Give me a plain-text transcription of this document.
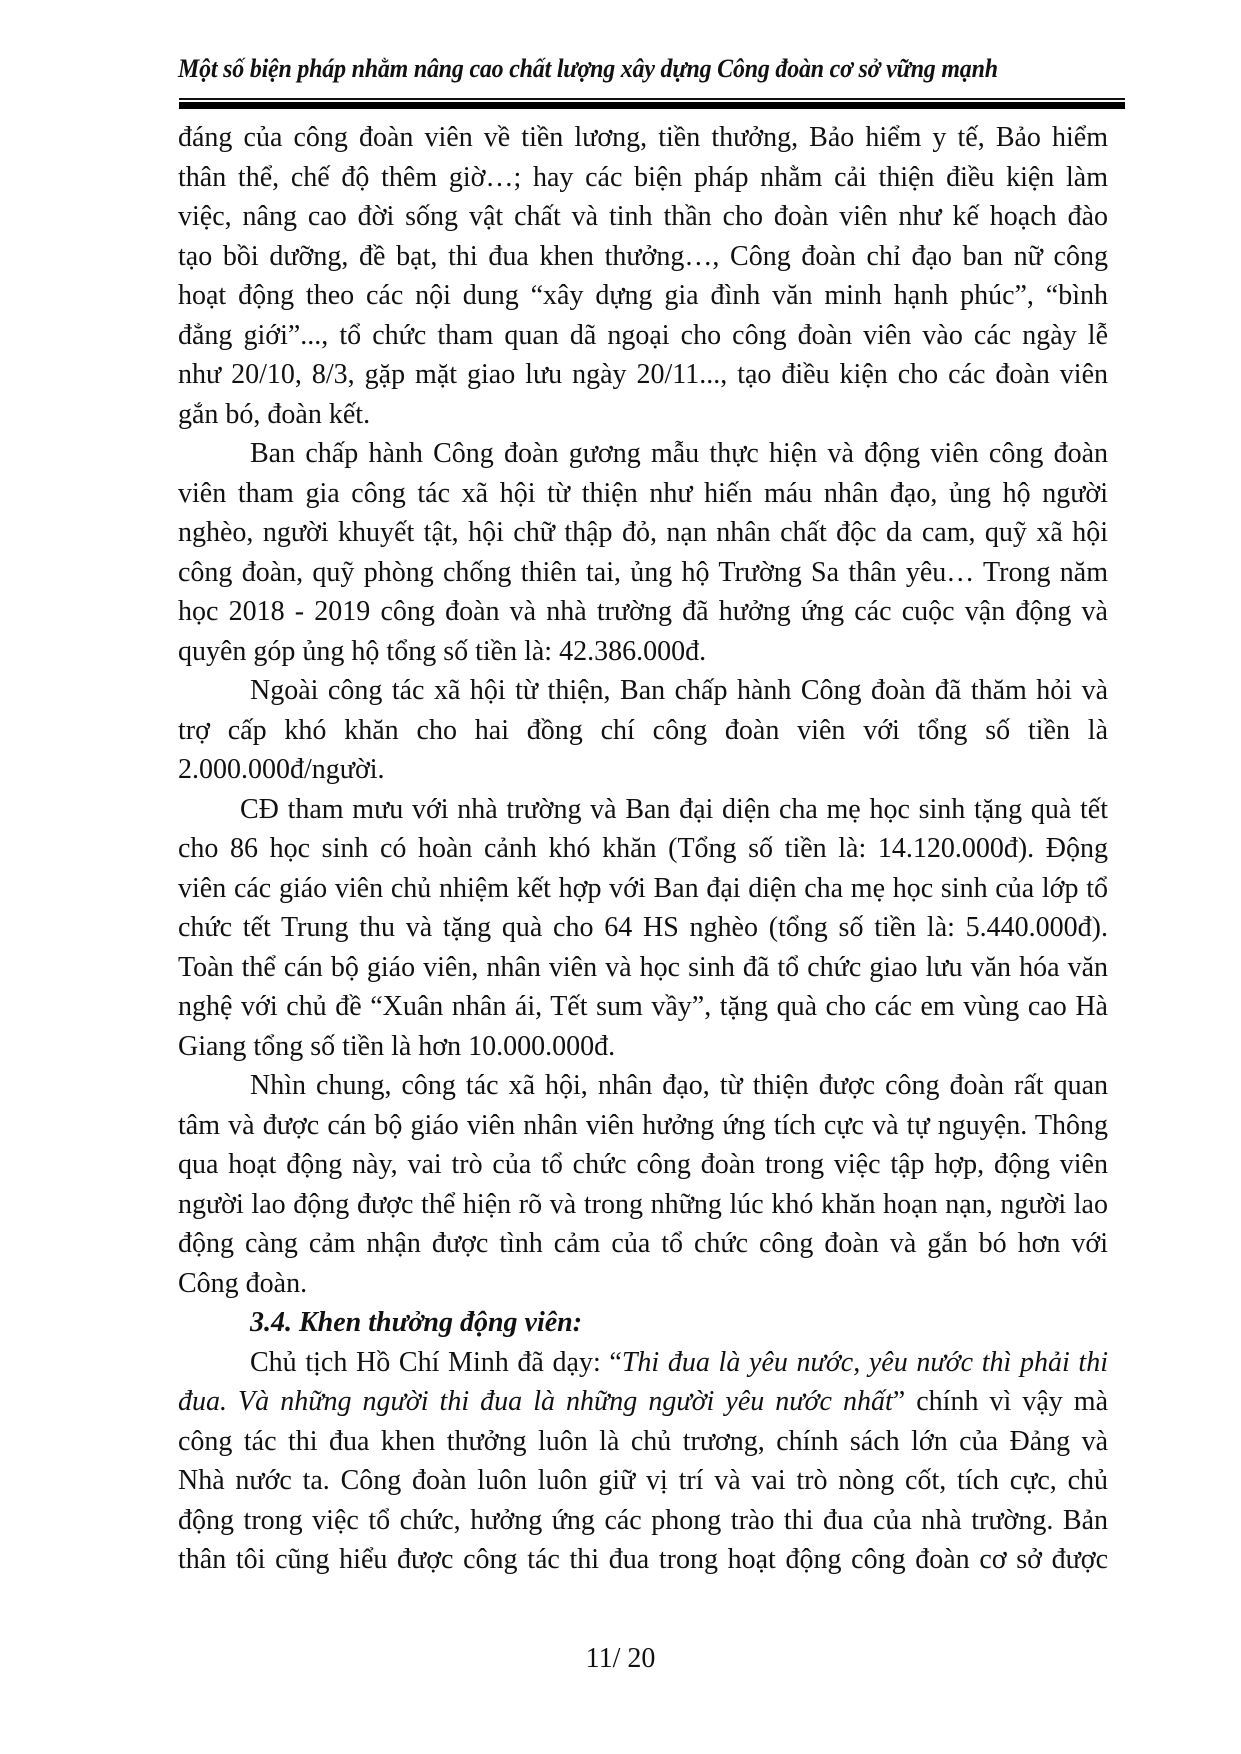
Một số biện pháp nhằm nâng cao chất lượng xây dựng Công đoàn cơ sở vững mạnh

đáng của công đoàn viên về tiền lương, tiền thưởng, Bảo hiểm y tế, Bảo hiểm
thân thể, chế độ thêm giờ…; hay các biện pháp nhằm cải thiện điều kiện làm
việc, nâng cao đời sống vật chất và tinh thần cho đoàn viên như kế hoạch đào
tạo bồi dưỡng, đề bạt, thi đua khen thưởng…, Công đoàn chỉ đạo ban nữ công
hoạt động theo các nội dung “xây dựng gia đình văn minh hạnh phúc”, “bình
đẳng giới”..., tổ chức tham quan dã ngoại cho công đoàn viên vào các ngày lễ
như 20/10, 8/3, gặp mặt giao lưu ngày 20/11..., tạo điều kiện cho các đoàn viên
gắn bó, đoàn kết.

Ban chấp hành Công đoàn gương mẫu thực hiện và động viên công đoàn
viên tham gia công tác xã hội từ thiện như hiến máu nhân đạo, ủng hộ người
nghèo, người khuyết tật, hội chữ thập đỏ, nạn nhân chất độc da cam, quỹ xã hội
công đoàn, quỹ phòng chống thiên tai, ủng hộ Trường Sa thân yêu… Trong năm
học 2018 - 2019 công đoàn và nhà trường đã hưởng ứng các cuộc vận động và
quyên góp ủng hộ tổng số tiền là: 42.386.000đ.

Ngoài công tác xã hội từ thiện, Ban chấp hành Công đoàn đã thăm hỏi và
trợ cấp khó khăn cho hai đồng chí công đoàn viên với tổng số tiền là
2.000.000đ/người.

CĐ tham mưu với nhà trường và Ban đại diện cha mẹ học sinh tặng quà tết
cho 86 học sinh có hoàn cảnh khó khăn (Tổng số tiền là: 14.120.000đ). Động
viên các giáo viên chủ nhiệm kết hợp với Ban đại diện cha mẹ học sinh của lớp tổ
chức tết Trung thu và tặng quà cho 64 HS nghèo (tổng số tiền là: 5.440.000đ).
Toàn thể cán bộ giáo viên, nhân viên và học sinh đã tổ chức giao lưu văn hóa văn
nghệ với chủ đề “Xuân nhân ái, Tết sum vầy”, tặng quà cho các em vùng cao Hà
Giang tổng số tiền là hơn 10.000.000đ.

Nhìn chung, công tác xã hội, nhân đạo, từ thiện được công đoàn rất quan
tâm và được cán bộ giáo viên nhân viên hưởng ứng tích cực và tự nguyện. Thông
qua hoạt động này, vai trò của tổ chức công đoàn trong việc tập hợp, động viên
người lao động được thể hiện rõ và trong những lúc khó khăn hoạn nạn, người lao
động càng cảm nhận được tình cảm của tổ chức công đoàn và gắn bó hơn với
Công đoàn.

3.4. Khen thưởng động viên:

Chủ tịch Hồ Chí Minh đã dạy: “Thi đua là yêu nước, yêu nước thì phải thi
đua. Và những người thi đua là những người yêu nước nhất” chính vì vậy mà
công tác thi đua khen thưởng luôn là chủ trương, chính sách lớn của Đảng và
Nhà nước ta. Công đoàn luôn luôn giữ vị trí và vai trò nòng cốt, tích cực, chủ
động trong việc tổ chức, hưởng ứng các phong trào thi đua của nhà trường. Bản
thân tôi cũng hiểu được công tác thi đua trong hoạt động công đoàn cơ sở được

11/ 20
